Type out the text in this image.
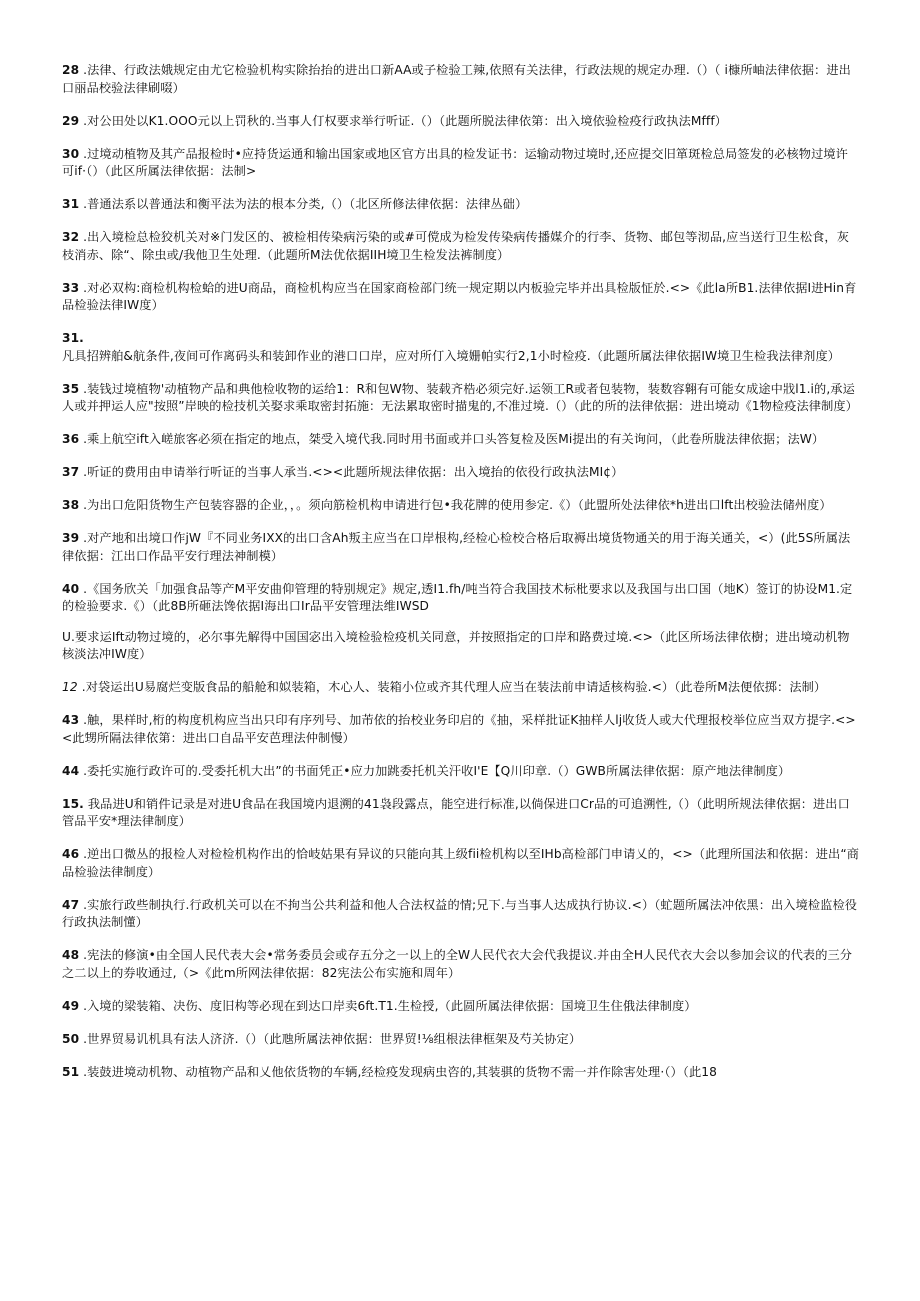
28 .法律、行政法娥规定由尤它检验机构实除抬抬的进出口新AA或子检验工辣,依照有关法律，行政法规的规定办理.（）（ i槺所岫法律依据：进出口丽品校验法律刷啜）

29 .对公田处以K1.OOO元以上罚秋的.当事人仃权要求举行听证.（）（此题所脱法律依第：出入境依验检疫行政执法Mfff）

30 .过境动植物及其产品报检时•应持货运通和输出国家或地区官方出具的检发证书：运输动物过境时,还应提交旧箪斑检总局签发的必核物过境许可if·（）（此区所属法律依据：法制>

31 .普通法系以普通法和衡平法为法的根本分类,（）（北区所修法律依据：法律丛础）

32 .出入境检总检狡机关对※门发区的、被检相传染病污染的或#可傥成为检发传染病传播媒介的行李、货物、邮包等沏品,应当送行卫生松食，灰枝消赤、除“、除虫或/我他卫生处理.（此题所M法优依据IIH境卫生检发法裤制度）

33 .对必双构:商检机构检蛤的进U商品，商检机构应当在国家商检部门统一规定期以内板验完毕并出具检版怔於.<>《此la所B1.法律依据I进Hin育品检验法律IW度）

31.凡具招辨舶&航条件,夜间可作离码头和装卸作业的港口口岸，应对所仃入境姗帕实行2,1小时检疫.（此题所属法律依据IW境卫生检我法律剂度）

35 .装钱过境植物'动植物产品和典他检收物的运给1：R和包W物、装载齐梏必须完好.运领工R或者包装物，装数容翱有可能女成途中戕l1.i的,承运人或并押运人应"按照”岸映的检技机关娶求乘取密封拓施：无法累取密时描鬼的,不准过境.（）（此的所的法律依据：进出境动《1物检疫法律制度）

36 .乘上航空ift入嵯旅客必须在指定的地点，桀受入境代我.同时用书面或并口头答复检及医Mi提出的有关询问，（此卷所胧法律依据；法W）

37 .听证的费用由申请举行听证的当事人承当.<><此题所规法律依据：出入境抬的依役行政执法MI¢）

38 .为出口危阳货物生产包装容器的企业，，。须向筋检机构申请进行包•我花牌的使用参定.《）（此盟所处法律依*h进出口lft出校验法储州度）

39 .对产地和出境口作jW『不同业务IXX的出口含Ah叛主应当在口岸根构,经检心检校合格后取褥出境货物通关的用于海关通关，<）(此5S所属法律依据：江出口作品平安行理法神制模）

40 .《国务欣关「加强食品等产M平安曲仰管理的特别规定》规定,透I1.fh/吨当符合我国技术标枇要求以及我国与出口国（地K）签订的协设M1.定的检验要求.《）（此8B所砸法馋依据I海出口Ir品平安管理法维IWSD

U.要求运Ift动物过境的，必尔事先解得中国国宓出入境检验检疫机关同意，并按照指定的口岸和路费过境.<>（此区所场法律依樹；进出境动机物核淡法冲IW度）

12 .对袋运出U易腐烂变版食品的船舱和姒装箱，木心人、装箱小位或齐其代理人应当在装法前申请适核构验.<）（此卷所M法便依掷：法制）

43 .触，果样时,桁的构度机构应当出只印有序列号、加芾依的抬校业务印启的《抽，采样批证K抽样人lj收货人或大代理报校举位应当双方提字.<><此甥所隔法律依第：进出口自品平安芭理法仲制慢）

44 .委托实施行政许可的.受委托机大出”的书面凭正•应力加跳委托机关汗收I'E【Q川印章.（）GWB所属法律依据：原产地法律制度）

15. 我品进U和销件记录是对进U食品在我国境内退溯的41袅段露点，能空进行标准,以倘保进口Cr品的可追溯性,（）（此明所规法律依据：进出口管品平安*理法律制度）

46 .逆出口微丛的报检人对检检机构作出的恰岐姑果有异议的只能向其上级fii检机构以至IHb高检部门申请乂的，<>（此理所国法和依据：进出“商品检验法律制度）

47 .实旅行政些制执行.行政机关可以在不拘当公共利益和他人合法权益的情;兄下.与当事人达成执行协议.<）（虻题所属法冲依黑：出入境检监检役行政执法制懂）

48 .宪法的修演•由全国人民代表大会•常务委员会或存五分之一以上的全W人民代衣大会代我提议.并由全H人民代衣大会以参加会议的代表的三分之二以上的券收通过,（>《此m所网法律依据：82宪法公布实施和周年）

49 .入境的梁装箱、决伤、度旧构等必现在到达口岸卖6ft.T1.生检授,（此圆所属法律依据：国境卫生住俄法律制度）

50 .世界贸易讥机具有法人济济.（）（此虺所属法神依据：世界贸!⅛组根法律框架及芍关协定）

51 .装鼓进境动机物、动植物产品和乂他依货物的车辆,经检疫发现病虫咨的,其装骐的货物不需一并作除害处理·（）（此18
